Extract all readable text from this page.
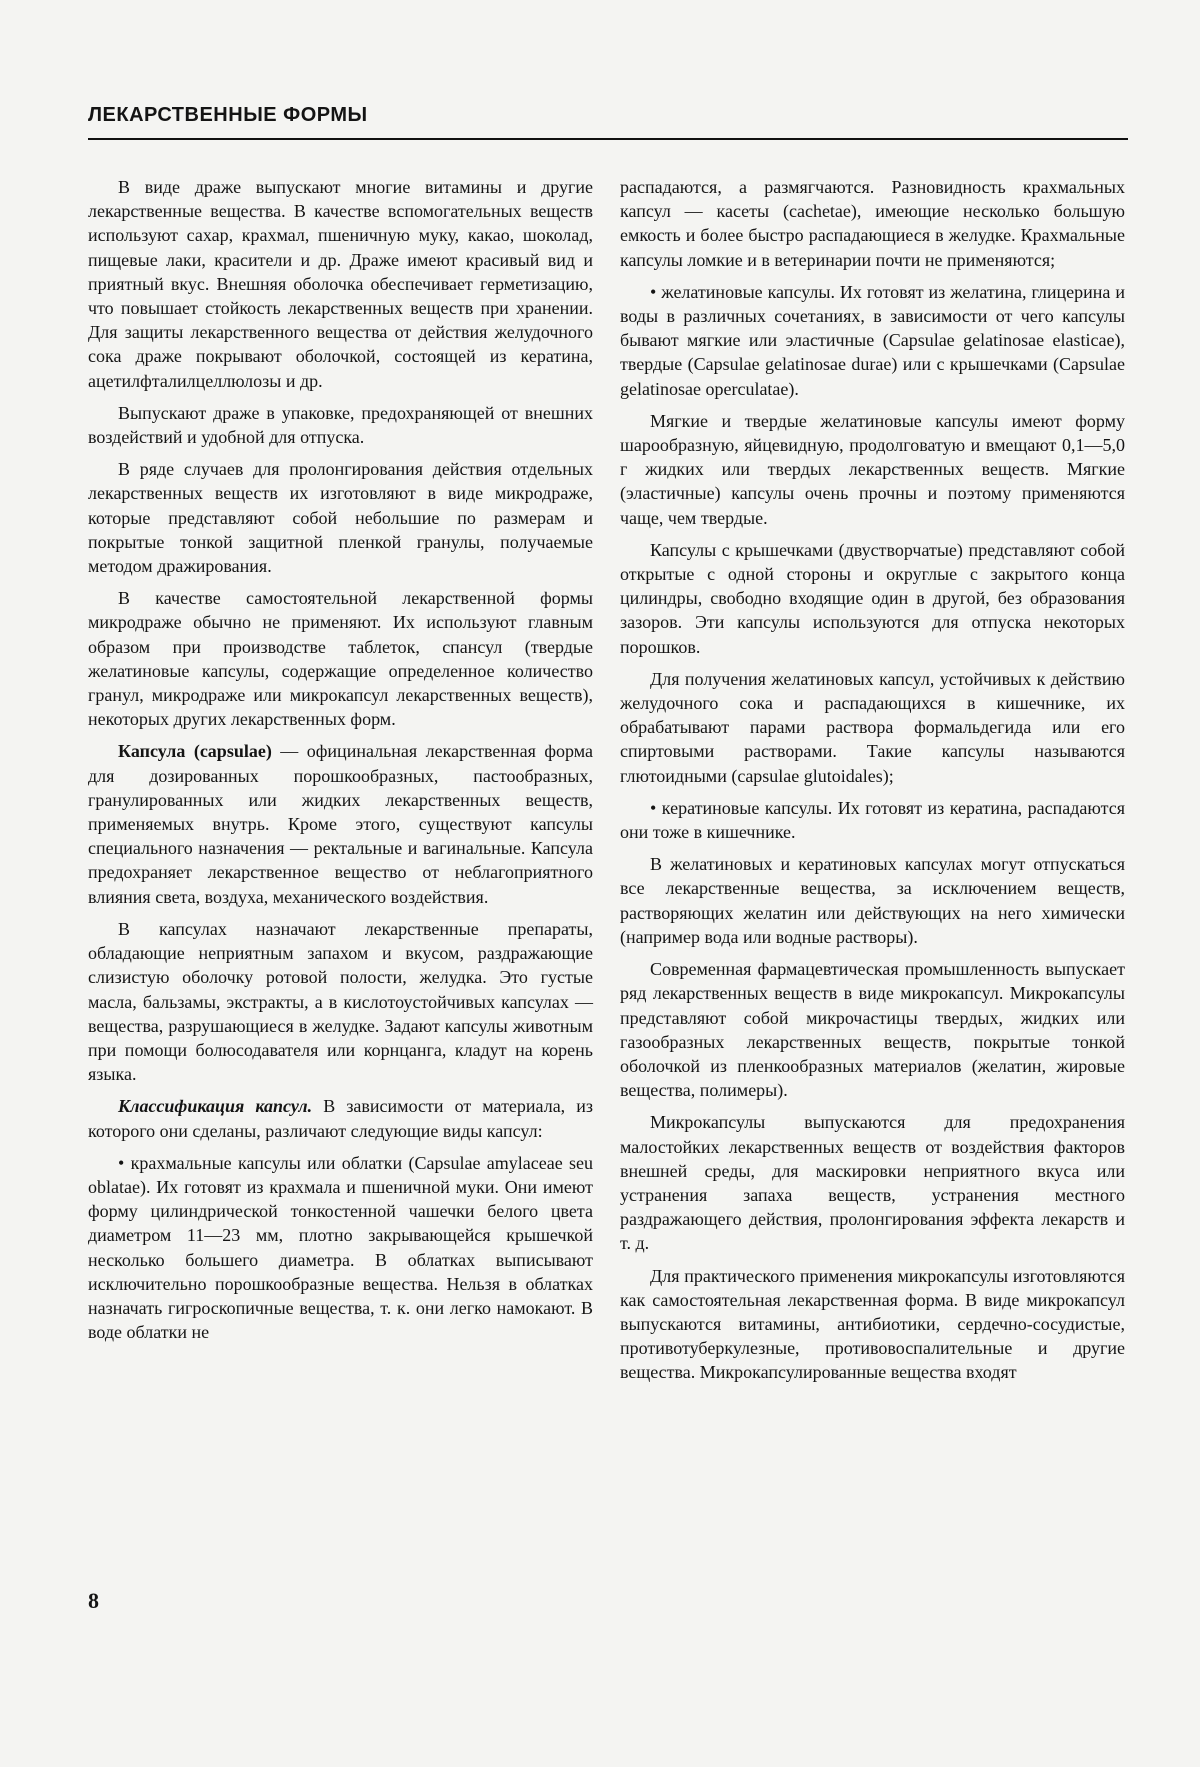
ЛЕКАРСТВЕННЫЕ ФОРМЫ

В виде драже выпускают многие витамины и другие лекарственные вещества. В качестве вспомогательных веществ используют сахар, крахмал, пшеничную муку, какао, шоколад, пищевые лаки, красители и др. Драже имеют красивый вид и приятный вкус. Внешняя оболочка обеспечивает герметизацию, что повышает стойкость лекарственных веществ при хранении. Для защиты лекарственного вещества от действия желудочного сока драже покрывают оболочкой, состоящей из кератина, ацетилфталилцеллюлозы и др.

Выпускают драже в упаковке, предохраняющей от внешних воздействий и удобной для отпуска.

В ряде случаев для пролонгирования действия отдельных лекарственных веществ их изготовляют в виде микродраже, которые представляют собой небольшие по размерам и покрытые тонкой защитной пленкой гранулы, получаемые методом дражирования.

В качестве самостоятельной лекарственной формы микродраже обычно не применяют. Их используют главным образом при производстве таблеток, спансул (твердые желатиновые капсулы, содержащие определенное количество гранул, микродраже или микрокапсул лекарственных веществ), некоторых других лекарственных форм.

Капсула (capsulae) — официнальная лекарственная форма для дозированных порошкообразных, пастообразных, гранулированных или жидких лекарственных веществ, применяемых внутрь. Кроме этого, существуют капсулы специального назначения — ректальные и вагинальные. Капсула предохраняет лекарственное вещество от неблагоприятного влияния света, воздуха, механического воздействия.

В капсулах назначают лекарственные препараты, обладающие неприятным запахом и вкусом, раздражающие слизистую оболочку ротовой полости, желудка. Это густые масла, бальзамы, экстракты, а в кислотоустойчивых капсулах — вещества, разрушающиеся в желудке. Задают капсулы животным при помощи болюсодавателя или корнцанга, кладут на корень языка.

Классификация капсул. В зависимости от материала, из которого они сделаны, различают следующие виды капсул:

• крахмальные капсулы или облатки (Capsulae amylaceae seu oblatae). Их готовят из крахмала и пшеничной муки. Они имеют форму цилиндрической тонкостенной чашечки белого цвета диаметром 11—23 мм, плотно закрывающейся крышечкой несколько большего диаметра. В облатках выписывают исключительно порошкообразные вещества. Нельзя в облатках назначать гигроскопичные вещества, т. к. они легко намокают. В воде облатки не

распадаются, а размягчаются. Разновидность крахмальных капсул — касеты (cachetae), имеющие несколько большую емкость и более быстро распадающиеся в желудке. Крахмальные капсулы ломкие и в ветеринарии почти не применяются;

• желатиновые капсулы. Их готовят из желатина, глицерина и воды в различных сочетаниях, в зависимости от чего капсулы бывают мягкие или эластичные (Capsulae gelatinosae elasticae), твердые (Capsulae gelatinosae durae) или с крышечками (Capsulae gelatinosae operculatae).

Мягкие и твердые желатиновые капсулы имеют форму шарообразную, яйцевидную, продолговатую и вмещают 0,1—5,0 г жидких или твердых лекарственных веществ. Мягкие (эластичные) капсулы очень прочны и поэтому применяются чаще, чем твердые.

Капсулы с крышечками (двустворчатые) представляют собой открытые с одной стороны и округлые с закрытого конца цилиндры, свободно входящие один в другой, без образования зазоров. Эти капсулы используются для отпуска некоторых порошков.

Для получения желатиновых капсул, устойчивых к действию желудочного сока и распадающихся в кишечнике, их обрабатывают парами раствора формальдегида или его спиртовыми растворами. Такие капсулы называются глютоидными (capsulae glutoidales);

• кератиновые капсулы. Их готовят из кератина, распадаются они тоже в кишечнике.

В желатиновых и кератиновых капсулах могут отпускаться все лекарственные вещества, за исключением веществ, растворяющих желатин или действующих на него химически (например вода или водные растворы).

Современная фармацевтическая промышленность выпускает ряд лекарственных веществ в виде микрокапсул. Микрокапсулы представляют собой микрочастицы твердых, жидких или газообразных лекарственных веществ, покрытые тонкой оболочкой из пленкообразных материалов (желатин, жировые вещества, полимеры).

Микрокапсулы выпускаются для предохранения малостойких лекарственных веществ от воздействия факторов внешней среды, для маскировки неприятного вкуса или устранения запаха веществ, устранения местного раздражающего действия, пролонгирования эффекта лекарств и т. д.

Для практического применения микрокапсулы изготовляются как самостоятельная лекарственная форма. В виде микрокапсул выпускаются витамины, антибиотики, сердечно-сосудистые, противотуберкулезные, противовоспалительные и другие вещества. Микрокапсулированные вещества входят

8
